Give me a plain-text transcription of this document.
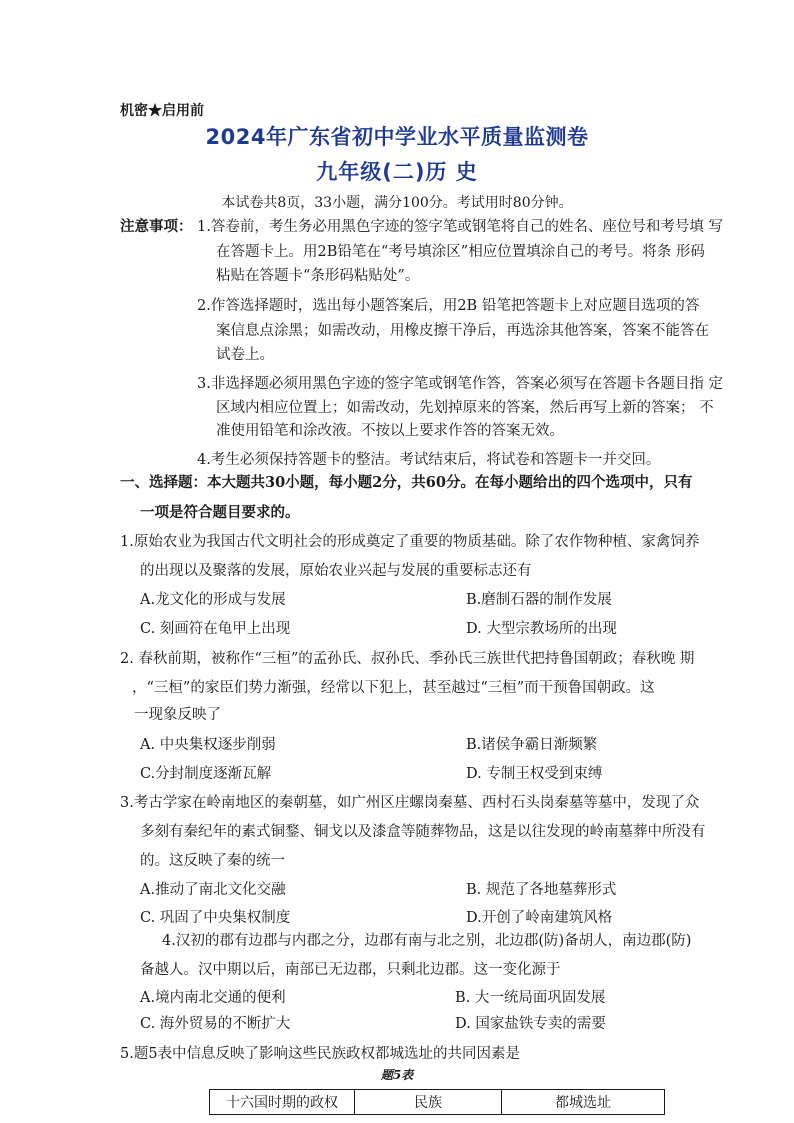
机密★启用前
2024年广东省初中学业水平质量监测卷
九年级(二)历 史
本试卷共8页，33小题，满分100分。考试用时80分钟。
注意事项： 1.答卷前，考生务必用黑色字迹的签字笔或钢笔将自己的姓名、座位号和考号填 写
在答题卡上。用2B铅笔在“考号填涂区”相应位置填涂自己的考号。将条 形码
粘贴在答题卡“条形码粘贴处”。
2.作答选择题时，选出每小题答案后，用2B 铅笔把答题卡上对应题目选项的答
案信息点涂黑；如需改动，用橡皮擦干净后，再选涂其他答案，答案不能答在
试卷上。
3.非选择题必须用黑色字迹的签字笔或钢笔作答，答案必须写在答题卡各题目指 定
区域内相应位置上；如需改动，先划掉原来的答案，然后再写上新的答案； 不
准使用铅笔和涂改液。不按以上要求作答的答案无效。
4.考生必须保持答题卡的整洁。考试结束后，将试卷和答题卡一并交回。
一、选择题：本大题共30小题，每小题2分，共60分。在每小题给出的四个选项中，只有
一项是符合题目要求的。
1.原始农业为我国古代文明社会的形成奠定了重要的物质基础。除了农作物种植、家禽饲养
的出现以及聚落的发展，原始农业兴起与发展的重要标志还有
A.龙文化的形成与发展	B.磨制石器的制作发展
C. 刻画符在龟甲上出现	D. 大型宗教场所的出现
2. 春秋前期，被称作“三桓”的孟孙氏、叔孙氏、季孙氏三族世代把持鲁国朝政；春秋晚 期
，“三桓”的家臣们势力渐强，经常以下犯上，甚至越过“三桓”而干预鲁国朝政。这
一现象反映了
A. 中央集权逐步削弱	B.诸侯争霸日渐频繁
C.分封制度逐渐瓦解	D. 专制王权受到束缚
3.考古学家在岭南地区的秦朝墓，如广州区庄螺岗秦墓、西村石头岗秦墓等墓中，发现了众
多刻有秦纪年的素式铜鍪、铜戈以及漆盒等随葬物品，这是以往发现的岭南墓葬中所没有
的。这反映了秦的统一
A.推动了南北文化交融	B. 规范了各地墓葬形式
C. 巩固了中央集权制度	D.开创了岭南建筑风格
4.汉初的郡有边郡与内郡之分，边郡有南与北之别，北边郡(防)备胡人，南边郡(防)
备越人。汉中期以后，南部已无边郡，只剩北边郡。这一变化源于
A.境内南北交通的便利	B. 大一统局面巩固发展
C. 海外贸易的不断扩大	D. 国家盐铁专卖的需要
5.题5表中信息反映了影响这些民族政权都城选址的共同因素是
题5表
十六国时期的政权	民族	都城选址
